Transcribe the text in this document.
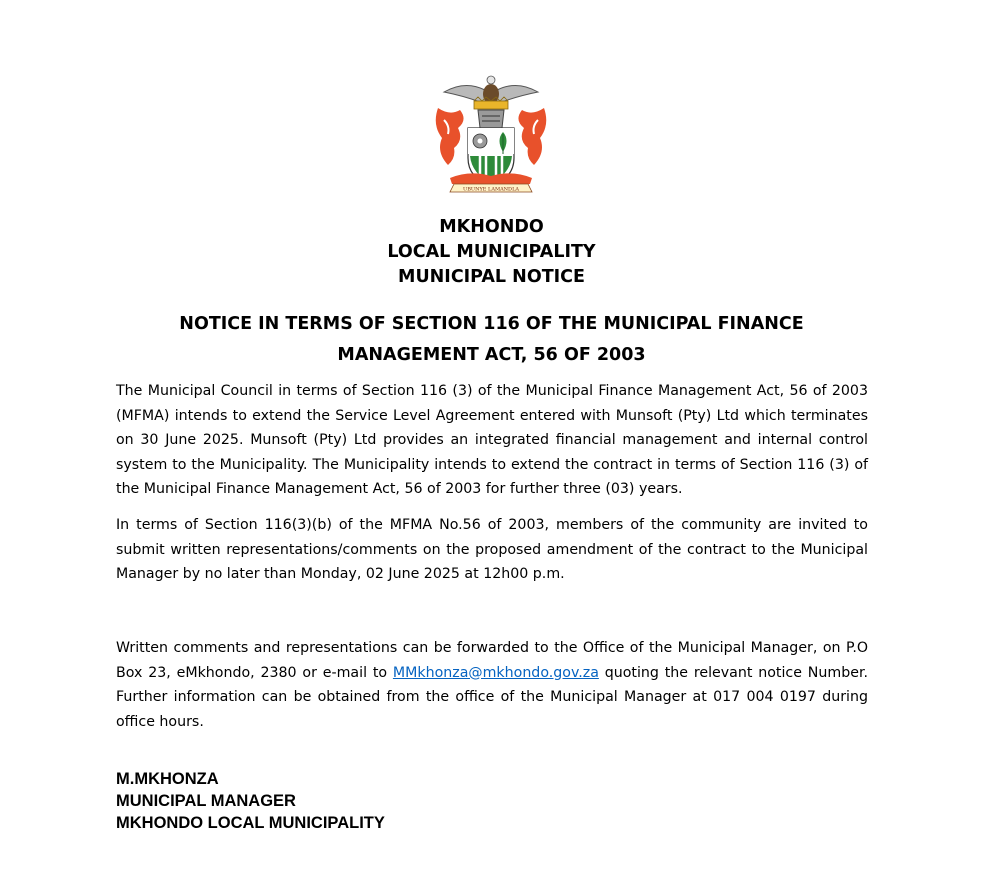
UBUNYE LAMANDLA
MKHONDO
LOCAL MUNICIPALITY
MUNICIPAL NOTICE
NOTICE IN TERMS OF SECTION 116 OF THE MUNICIPAL FINANCE
MANAGEMENT ACT, 56 OF 2003

The Municipal Council in terms of Section 116 (3) of the Municipal Finance Management Act, 56 of 2003 (MFMA) intends to extend the Service Level Agreement entered with Munsoft (Pty) Ltd which terminates on 30 June 2025. Munsoft (Pty) Ltd provides an integrated financial management and internal control system to the Municipality. The Municipality intends to extend the contract in terms of Section 116 (3) of the Municipal Finance Management Act, 56 of 2003 for further three (03) years.

In terms of Section 116(3)(b) of the MFMA No.56 of 2003, members of the community are invited to submit written representations/comments on the proposed amendment of the contract to the Municipal Manager by no later than Monday, 02 June 2025 at 12h00 p.m.

Written comments and representations can be forwarded to the Office of the Municipal Manager, on P.O Box 23, eMkhondo, 2380 or e-mail to MMkhonza@mkhondo.gov.za quoting the relevant notice Number. Further information can be obtained from the office of the Municipal Manager at 017 004 0197 during office hours.

M.MKHONZA
MUNICIPAL MANAGER
MKHONDO LOCAL MUNICIPALITY
